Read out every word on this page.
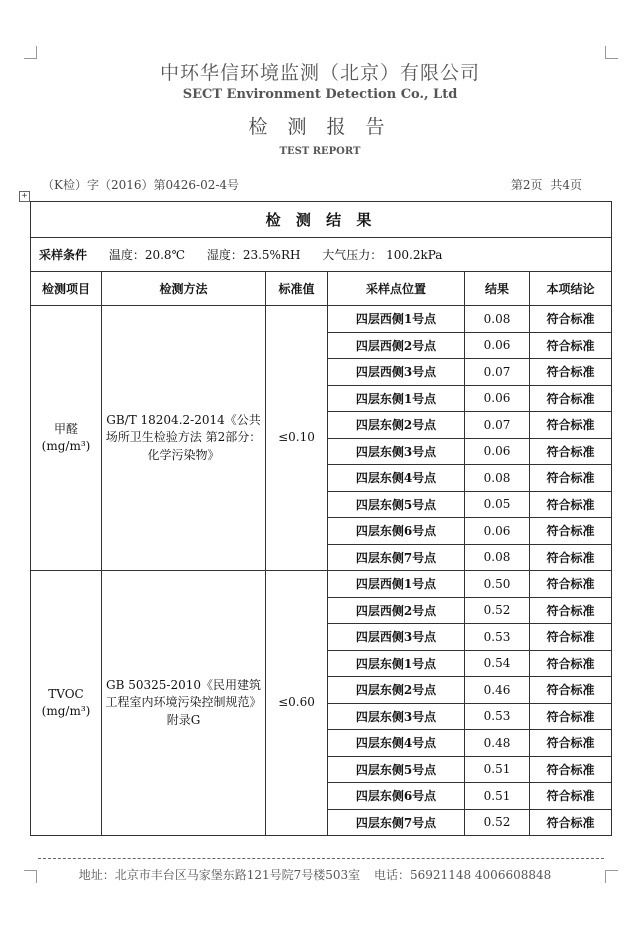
中环华信环境监测（北京）有限公司
SECT Environment Detection Co., Ltd
检 测 报 告
TEST REPORT
（K检）字（2016）第0426-02-4号	第2页 共4页
+
检 测 结 果					
采样条件 温度：20.8℃ 湿度：23.5%RH 大气压力： 100.2kPa					
检测项目	检测方法	标准值	采样点位置	结果	本项结论

甲醛
(mg/m³)	GB/T 18204.2-2014《公共场所卫生检验方法 第2部分：化学污染物》	≤0.10	四层西侧1号点	0.08	符合标准
			四层西侧2号点	0.06	符合标准
			四层西侧3号点	0.07	符合标准
			四层东侧1号点	0.06	符合标准
			四层东侧2号点	0.07	符合标准
			四层东侧3号点	0.06	符合标准
			四层东侧4号点	0.08	符合标准
			四层东侧5号点	0.05	符合标准
			四层东侧6号点	0.06	符合标准
			四层东侧7号点	0.08	符合标准

TVOC
(mg/m³)	GB 50325-2010《民用建筑工程室内环境污染控制规范》附录G	≤0.60	四层西侧1号点	0.50	符合标准
			四层西侧2号点	0.52	符合标准
			四层西侧3号点	0.53	符合标准
			四层东侧1号点	0.54	符合标准
			四层东侧2号点	0.46	符合标准
			四层东侧3号点	0.53	符合标准
			四层东侧4号点	0.48	符合标准
			四层东侧5号点	0.51	符合标准
			四层东侧6号点	0.51	符合标准
			四层东侧7号点	0.52	符合标准
地址：北京市丰台区马家堡东路121号院7号楼503室 电话：56921148 4006608848
